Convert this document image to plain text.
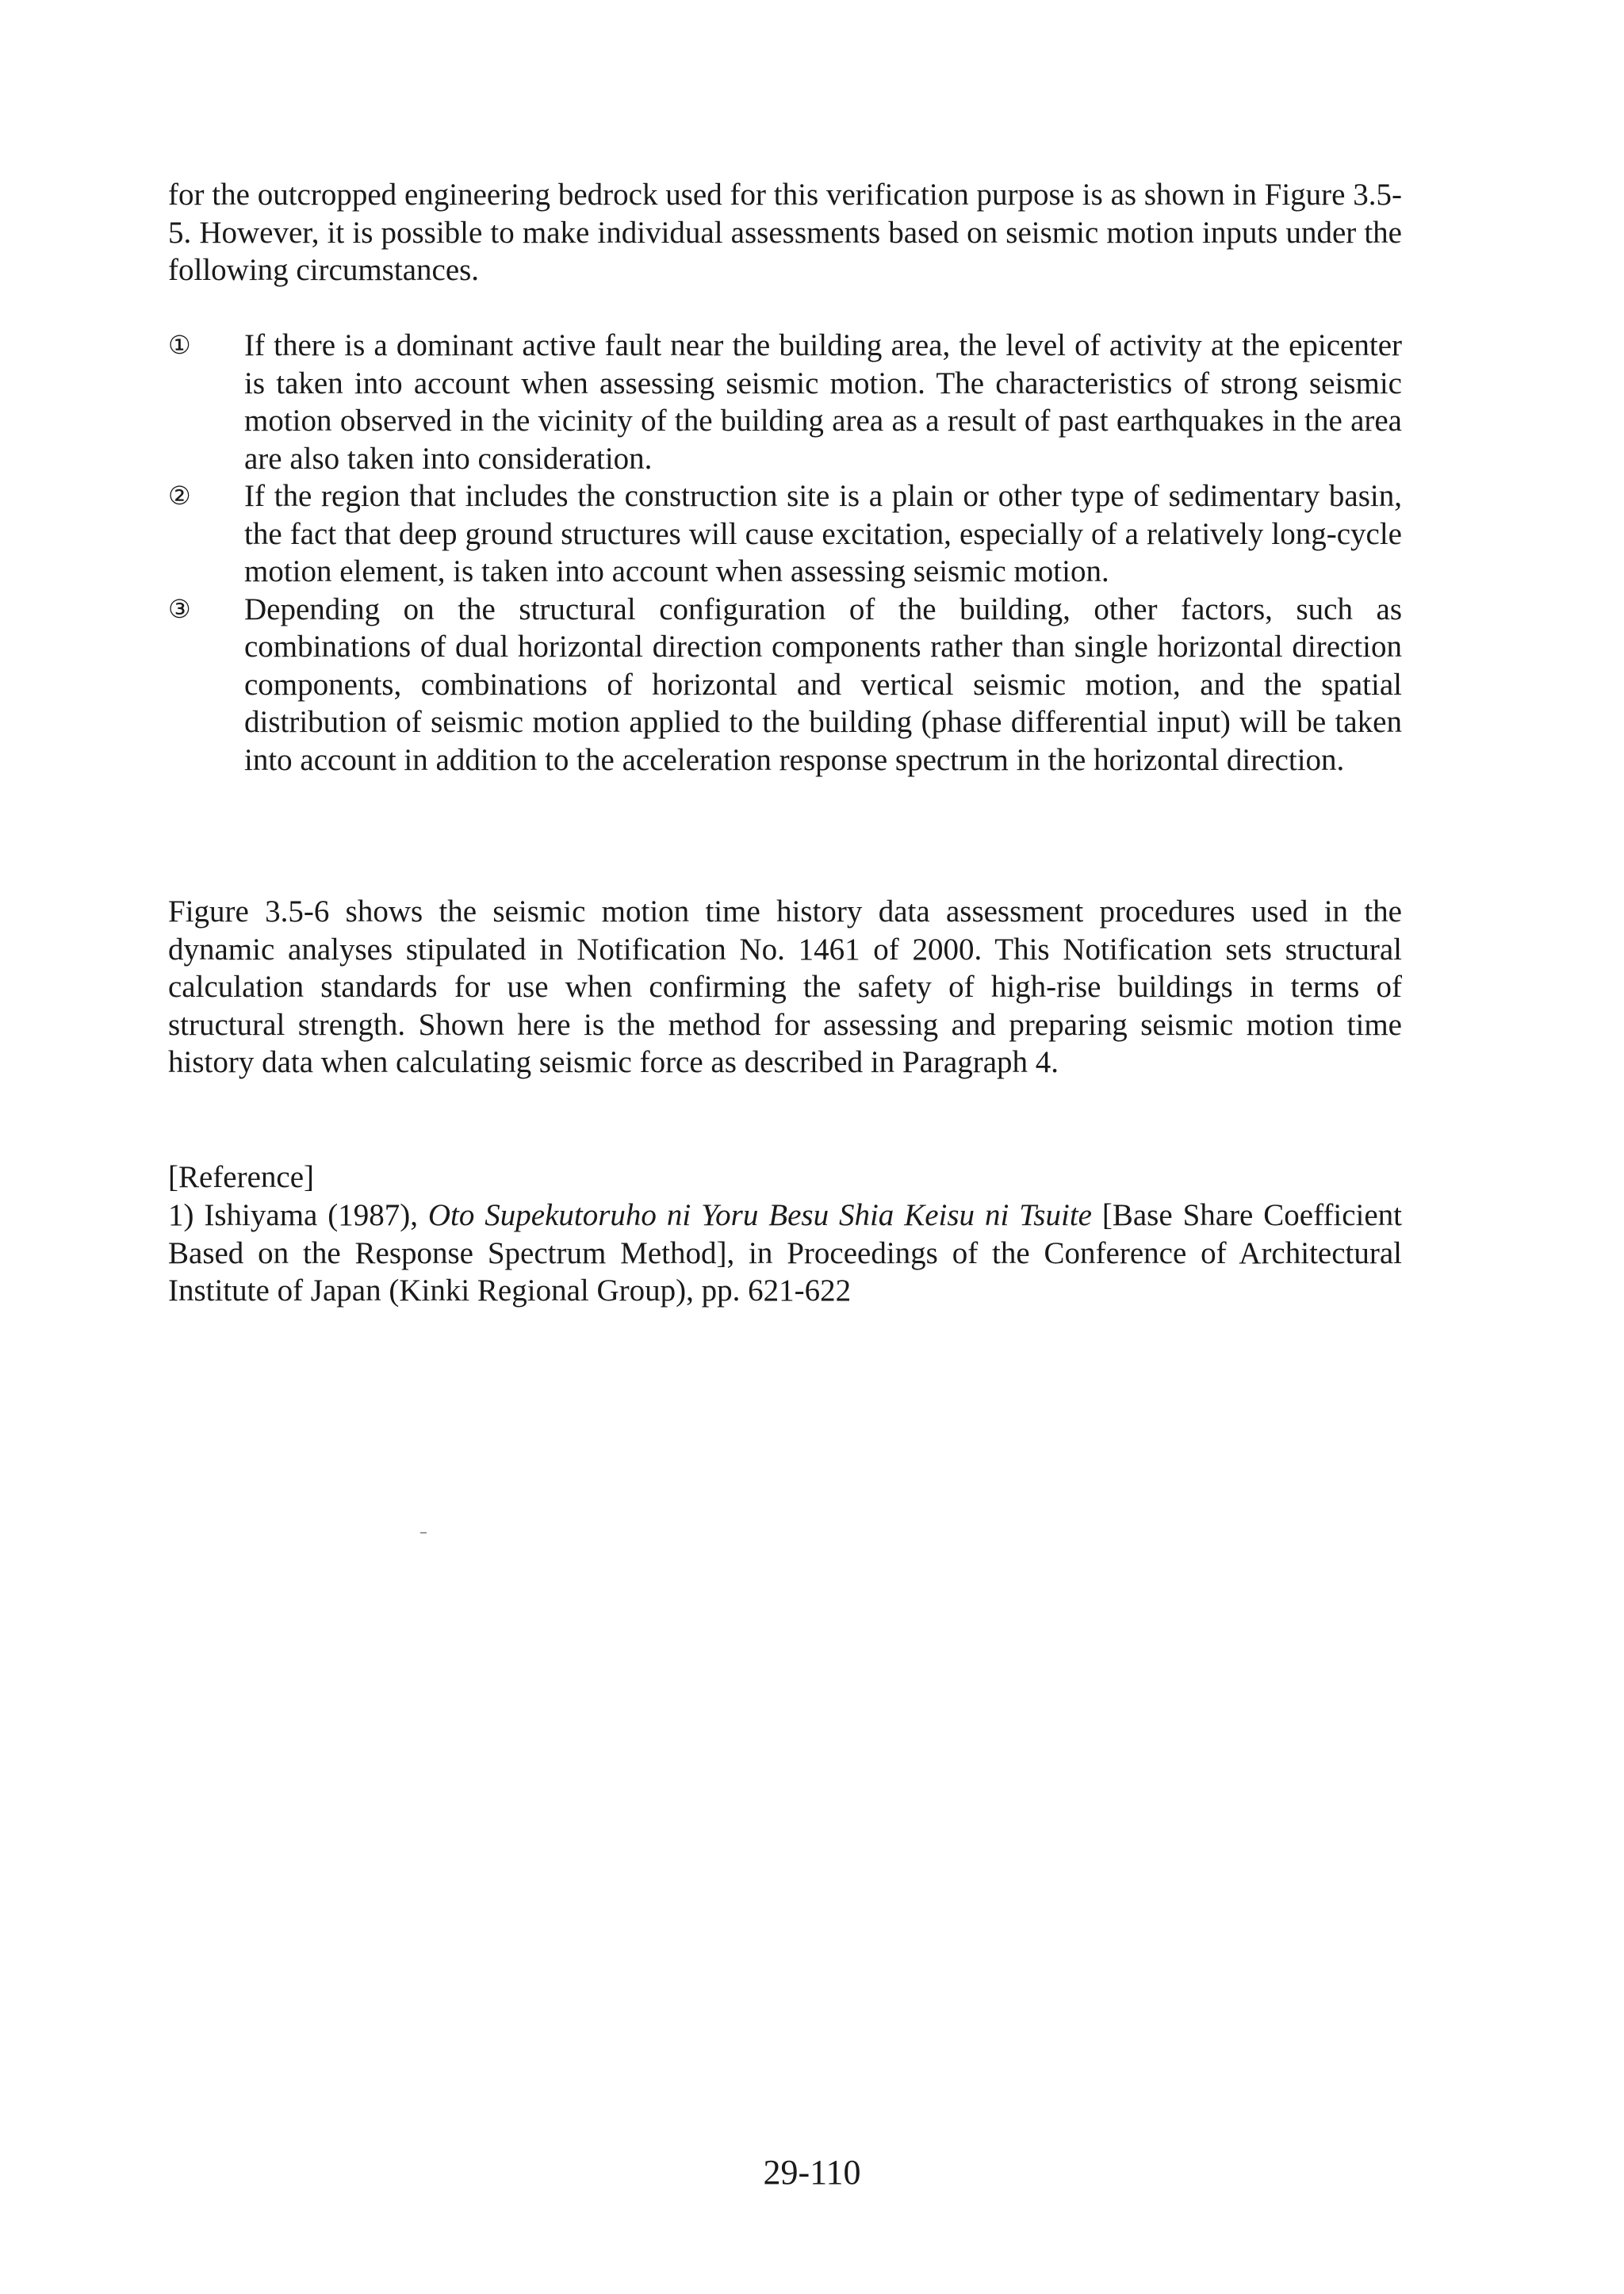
for the outcropped engineering bedrock used for this verification purpose is as shown in Figure 3.5-5. However, it is possible to make individual assessments based on seismic motion inputs under the following circumstances.

①	If there is a dominant active fault near the building area, the level of activity at the epicenter is taken into account when assessing seismic motion. The characteristics of strong seismic motion observed in the vicinity of the building area as a result of past earthquakes in the area are also taken into consideration.
②	If the region that includes the construction site is a plain or other type of sedimentary basin, the fact that deep ground structures will cause excitation, especially of a relatively long-cycle motion element, is taken into account when assessing seismic motion.
③	Depending on the structural configuration of the building, other factors, such as combinations of dual horizontal direction components rather than single horizontal direction components, combinations of horizontal and vertical seismic motion, and the spatial distribution of seismic motion applied to the building (phase differential input) will be taken into account in addition to the acceleration response spectrum in the horizontal direction.

Figure 3.5-6 shows the seismic motion time history data assessment procedures used in the dynamic analyses stipulated in Notification No. 1461 of 2000. This Notification sets structural calculation standards for use when confirming the safety of high-rise buildings in terms of structural strength. Shown here is the method for assessing and preparing seismic motion time history data when calculating seismic force as described in Paragraph 4.

[Reference]

1) Ishiyama (1987), Oto Supekutoruho ni Yoru Besu Shia Keisu ni Tsuite [Base Share Coefficient Based on the Response Spectrum Method], in Proceedings of the Conference of Architectural Institute of Japan (Kinki Regional Group), pp. 621-622

29-110
